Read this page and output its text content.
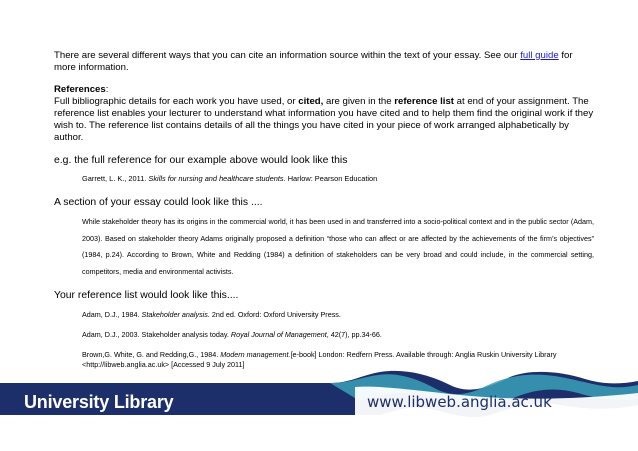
There are several different ways that you can cite an information source within the text of your essay. See our full guide for more information.

References:

Full bibliographic details for each work you have used, or cited, are given in the reference list at end of your assignment. The reference list enables your lecturer to understand what information you have cited and to help them find the original work if they wish to. The reference list contains details of all the things you have cited in your piece of work arranged alphabetically by author.

e.g. the full reference for our example above would look like this

Garrett, L. K., 2011. Skills for nursing and healthcare students. Harlow: Pearson Education

A section of your essay could look like this ....

While stakeholder theory has its origins in the commercial world, it has been used in and transferred into a socio-political context and in the public sector (Adam, 2003). Based on stakeholder theory Adams originally proposed a definition “those who can affect or are affected by the achievements of the firm’s objectives” (1984, p.24). According to Brown, White and Redding (1984) a definition of stakeholders can be very broad and could include, in the commercial setting, competitors, media and environmental activists.

Your reference list would look like this....

Adam, D.J., 1984. Stakeholder analysis. 2nd ed. Oxford: Oxford University Press.

Adam, D.J., 2003. Stakeholder analysis today. Royal Journal of Management, 42(7), pp.34-66.

Brown,G. White, G. and Redding,G., 1984. Modern management.[e-book] London: Redfern Press. Available through: Anglia Ruskin University Library <http://libweb.anglia.ac.uk> [Accessed 9 July 2011]

University Library	www.libweb.anglia.ac.uk
